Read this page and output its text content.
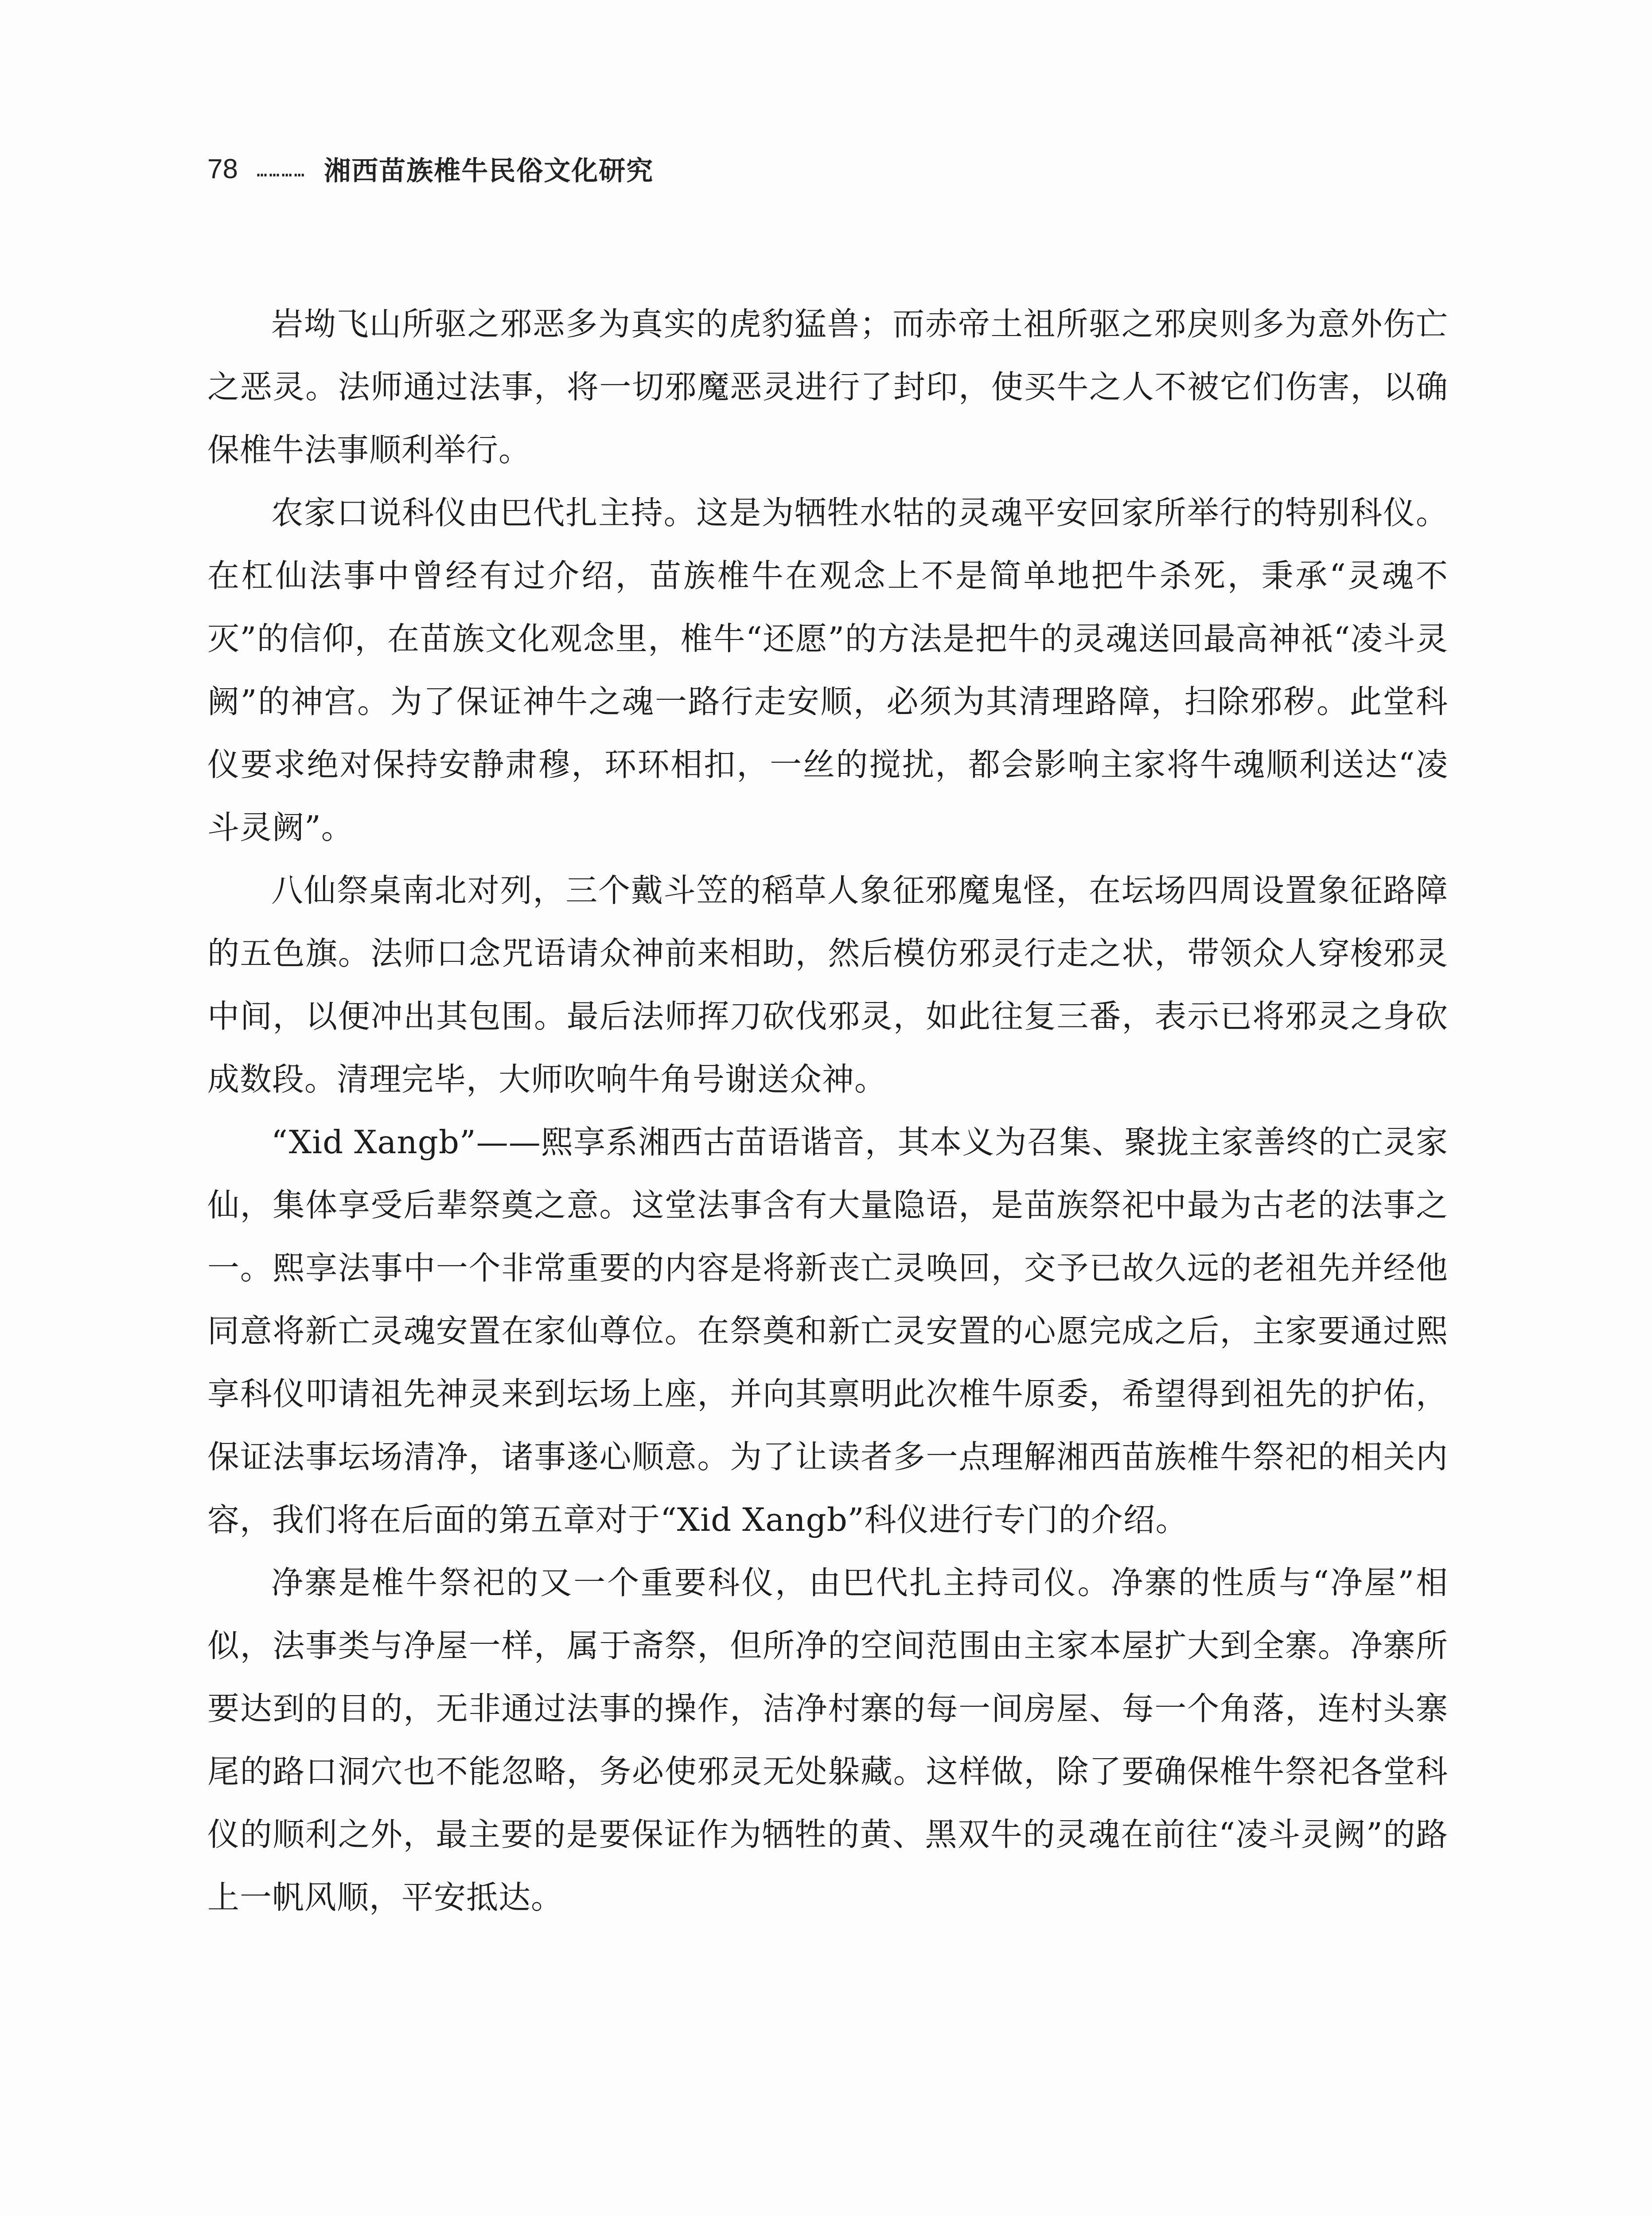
78 ………… 湘西苗族椎牛民俗文化研究

岩坳飞山所驱之邪恶多为真实的虎豹猛兽；而赤帝土祖所驱之邪戾则多为意外伤亡之恶灵。法师通过法事，将一切邪魔恶灵进行了封印，使买牛之人不被它们伤害，以确保椎牛法事顺利举行。

农家口说科仪由巴代扎主持。这是为牺牲水牯的灵魂平安回家所举行的特别科仪。在杠仙法事中曾经有过介绍，苗族椎牛在观念上不是简单地把牛杀死，秉承“灵魂不灭”的信仰，在苗族文化观念里，椎牛“还愿”的方法是把牛的灵魂送回最高神祇“凌斗灵阙”的神宫。为了保证神牛之魂一路行走安顺，必须为其清理路障，扫除邪秽。此堂科仪要求绝对保持安静肃穆，环环相扣，一丝的搅扰，都会影响主家将牛魂顺利送达“凌斗灵阙”。

八仙祭桌南北对列，三个戴斗笠的稻草人象征邪魔鬼怪，在坛场四周设置象征路障的五色旗。法师口念咒语请众神前来相助，然后模仿邪灵行走之状，带领众人穿梭邪灵中间，以便冲出其包围。最后法师挥刀砍伐邪灵，如此往复三番，表示已将邪灵之身砍成数段。清理完毕，大师吹响牛角号谢送众神。

“Xid Xangb”——熙享系湘西古苗语谐音，其本义为召集、聚拢主家善终的亡灵家仙，集体享受后辈祭奠之意。这堂法事含有大量隐语，是苗族祭祀中最为古老的法事之一。熙享法事中一个非常重要的内容是将新丧亡灵唤回，交予已故久远的老祖先并经他同意将新亡灵魂安置在家仙尊位。在祭奠和新亡灵安置的心愿完成之后，主家要通过熙享科仪叩请祖先神灵来到坛场上座，并向其禀明此次椎牛原委，希望得到祖先的护佑，保证法事坛场清净，诸事遂心顺意。为了让读者多一点理解湘西苗族椎牛祭祀的相关内容，我们将在后面的第五章对于“Xid Xangb”科仪进行专门的介绍。

净寨是椎牛祭祀的又一个重要科仪，由巴代扎主持司仪。净寨的性质与“净屋”相似，法事类与净屋一样，属于斋祭，但所净的空间范围由主家本屋扩大到全寨。净寨所要达到的目的，无非通过法事的操作，洁净村寨的每一间房屋、每一个角落，连村头寨尾的路口洞穴也不能忽略，务必使邪灵无处躲藏。这样做，除了要确保椎牛祭祀各堂科仪的顺利之外，最主要的是要保证作为牺牲的黄、黑双牛的灵魂在前往“凌斗灵阙”的路上一帆风顺，平安抵达。
